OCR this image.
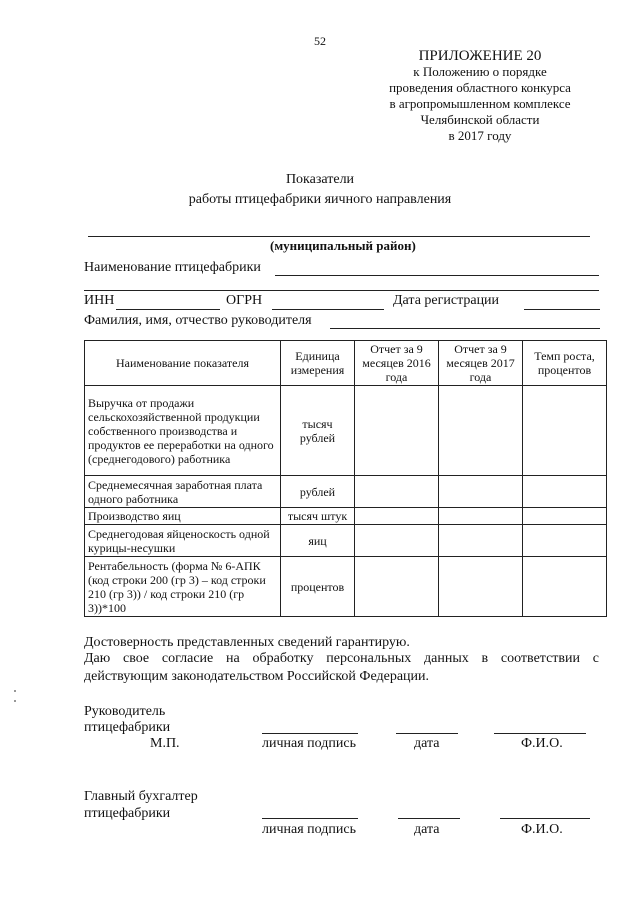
52
ПРИЛОЖЕНИЕ 20
к Положению о порядке
проведения областного конкурса
в агропромышленном комплексе
Челябинской области
в 2017 году
Показатели
работы птицефабрики яичного направления
(муниципальный район)
Наименование птицефабрики
ИНН	ОГРН	Дата регистрации
Фамилия, имя, отчество руководителя
Наименование показателя	Единица измерения	Отчет за 9 месяцев 2016 года	Отчет за 9 месяцев 2017 года	Темп роста, процентов
Выручка от продажи сельскохозяйственной продукции собственного производства и продуктов ее переработки на одного (среднегодового) работника	тысяч рублей			
Среднемесячная заработная плата одного работника	рублей			
Производство яиц	тысяч штук			
Среднегодовая яйценоскость одной курицы-несушки	яиц			
Рентабельность (форма № 6-АПК (код строки 200 (гр 3) – код строки 210 (гр 3)) / код строки 210 (гр 3))*100	процентов			
Достоверность представленных сведений гарантирую.
Даю свое согласие на обработку персональных данных в соответствии с действующим законодательством Российской Федерации.
Руководитель
птицефабрики
М.П.	личная подпись	дата	Ф.И.О.
Главный бухгалтер
птицефабрики
личная подпись	дата	Ф.И.О.
